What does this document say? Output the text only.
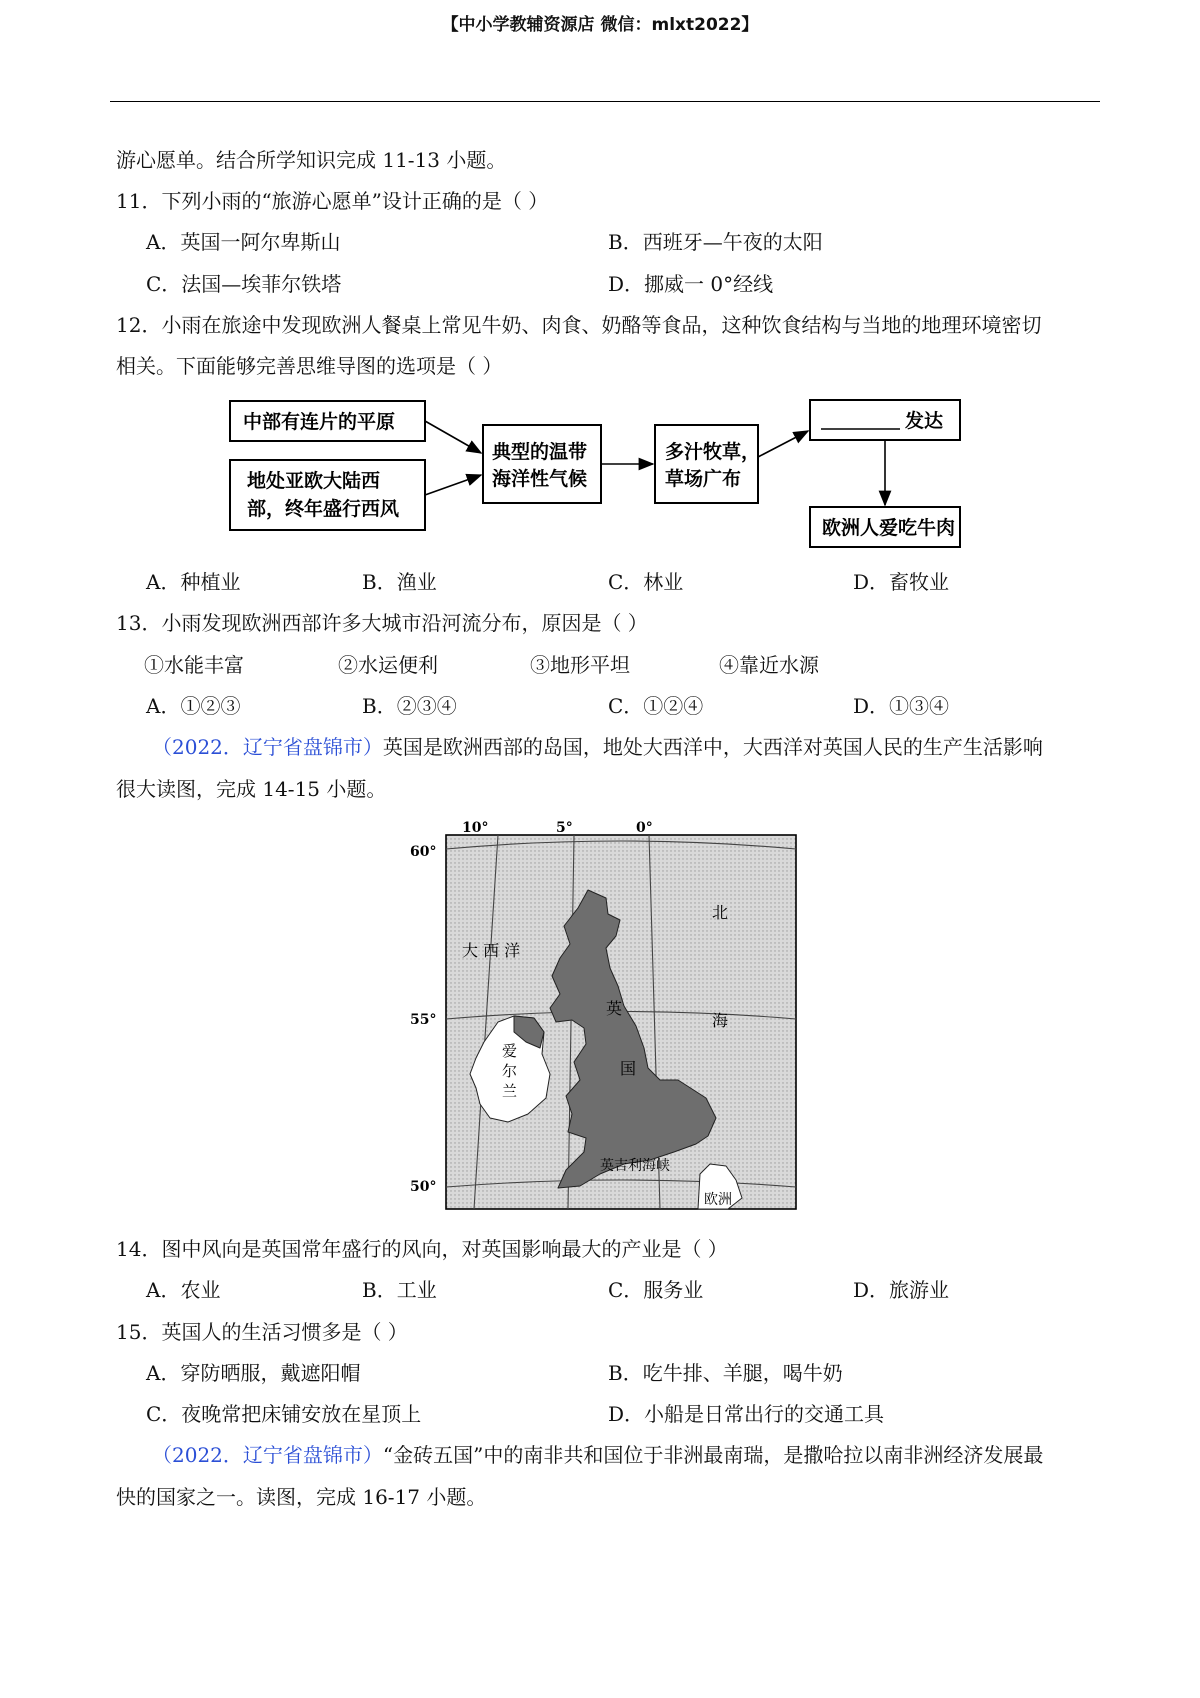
【中小学教辅资源店 微信：mlxt2022】
游心愿单。结合所学知识完成 11-13 小题。
11．下列小雨的“旅游心愿单”设计正确的是（ ）
A．英国一阿尔卑斯山	B．西班牙—午夜的太阳
C．法国—埃菲尔铁塔	D．挪威一 0°经线
12．小雨在旅途中发现欧洲人餐桌上常见牛奶、肉食、奶酪等食品，这种饮食结构与当地的地理环境密切
相关。下面能够完善思维导图的选项是（ ）
中部有连片的平原
地处亚欧大陆西
部，终年盛行西风
典型的温带
海洋性气候
多汁牧草，
草场广布
发达
欧洲人爱吃牛肉
A．种植业	B．渔业	C．林业	D．畜牧业
13．小雨发现欧洲西部许多大城市沿河流分布，原因是（ ）
①水能丰富	②水运便利	③地形平坦	④靠近水源
A．①②③	B．②③④	C．①②④	D．①③④
（2022．辽宁省盘锦市）英国是欧洲西部的岛国，地处大西洋中，大西洋对英国人民的生产生活影响
很大读图，完成 14-15 小题。
10°	5°	0°
60°
55°
50°
大 西 洋
北
海
英
国
爱
尔
兰
英吉利海峡
欧洲
14．图中风向是英国常年盛行的风向，对英国影响最大的产业是（ ）
A．农业	B．工业	C．服务业	D．旅游业
15．英国人的生活习惯多是（ ）
A．穿防晒服，戴遮阳帽	B．吃牛排、羊腿，喝牛奶
C．夜晚常把床铺安放在星顶上	D．小船是日常出行的交通工具
（2022．辽宁省盘锦市）“金砖五国”中的南非共和国位于非洲最南瑞，是撒哈拉以南非洲经济发展最
快的国家之一。读图，完成 16-17 小题。
